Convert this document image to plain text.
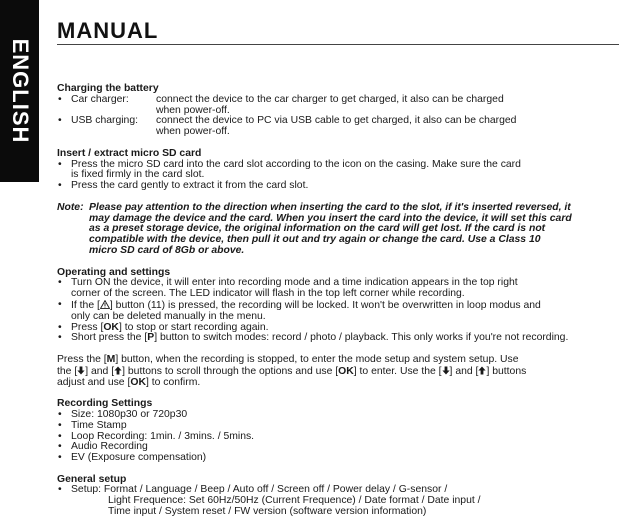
ENGLISH
MANUAL
Charging the battery
• Car charger:	connect the device to the car charger to get charged, it also can be charged
when power-off.
• USB charging:	connect the device to PC via USB cable to get charged, it also can be charged
when power-off.
Insert / extract micro SD card
• Press the micro SD card into the card slot according to the icon on the casing. Make sure the card
is fixed firmly in the card slot.
• Press the card gently to extract it from the card slot.
Note: Please pay attention to the direction when inserting the card to the slot, if it's inserted reversed, it
may damage the device and the card. When you insert the card into the device, it will set this card
as a preset storage device, the original information on the card will get lost. If the card is not
compatible with the device, then pull it out and try again or change the card. Use a Class 10
micro SD card of 8Gb or above.
Operating and settings
• Turn ON the device, it will enter into recording mode and a time indication appears in the top right
corner of the screen. The LED indicator will flash in the top left corner while recording.
• If the [ ] button (11) is pressed, the recording will be locked. It won't be overwritten in loop modus and
only can be deleted manually in the menu.
• Press [OK] to stop or start recording again.
• Short press the [P] button to switch modes: record / photo / playback. This only works if you're not recording.
Press the [M] button, when the recording is stopped, to enter the mode setup and system setup. Use
the [ ] and [ ] buttons to scroll through the options and use [OK] to enter. Use the [ ] and [ ] buttons
adjust and use [OK] to confirm.
Recording Settings
• Size: 1080p30 or 720p30
• Time Stamp
• Loop Recording: 1min. / 3mins. / 5mins.
• Audio Recording
• EV (Exposure compensation)
General setup
• Setup: Format / Language / Beep / Auto off / Screen off / Power delay / G-sensor /
Light Frequence: Set 60Hz/50Hz (Current Frequence) / Date format / Date input /
Time input / System reset / FW version (software version information)
